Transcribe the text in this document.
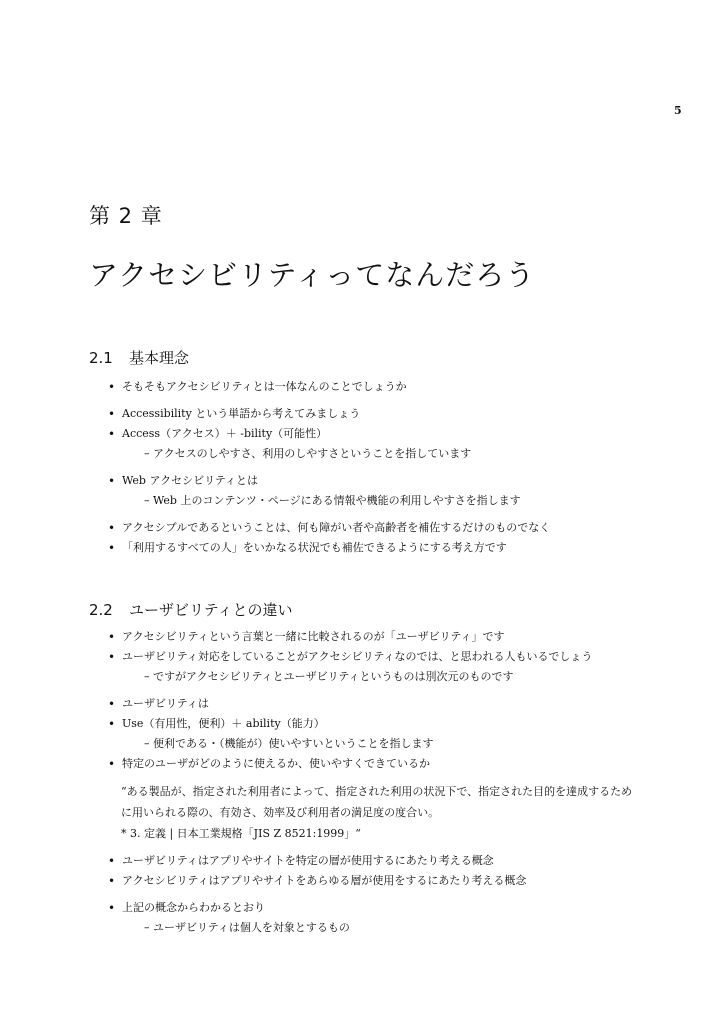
5
第 2 章
アクセシビリティってなんだろう
2.1 基本理念
• そもそもアクセシビリティとは一体なんのことでしょうか
• Accessibility という単語から考えてみましょう
• Access（アクセス）＋ -bility（可能性）
– アクセスのしやすさ、利用のしやすさということを指しています
• Web アクセシビリティとは
– Web 上のコンテンツ・ページにある情報や機能の利用しやすさを指します
• アクセシブルであるということは、何も障がい者や高齢者を補佐するだけのものでなく
• 「利用するすべての人」をいかなる状況でも補佐できるようにする考え方です
2.2 ユーザビリティとの違い
• アクセシビリティという言葉と一緒に比較されるのが「ユーザビリティ」です
• ユーザビリティ対応をしていることがアクセシビリティなのでは、と思われる人もいるでしょう
– ですがアクセシビリティとユーザビリティというものは別次元のものです
• ユーザビリティは
• Use（有用性，便利）＋ ability（能力）
– 便利である・（機能が）使いやすいということを指します
• 特定のユーザがどのように使えるか、使いやすくできているか
“ある製品が、指定された利用者によって、指定された利用の状況下で、指定された目的を達成するため
に用いられる際の、有効さ、効率及び利用者の満足度の度合い。
* 3. 定義 | 日本工業規格「JIS Z 8521:1999」“
• ユーザビリティはアプリやサイトを特定の層が使用するにあたり考える概念
• アクセシビリティはアプリやサイトをあらゆる層が使用をするにあたり考える概念
• 上記の概念からわかるとおり
– ユーザビリティは個人を対象とするもの
